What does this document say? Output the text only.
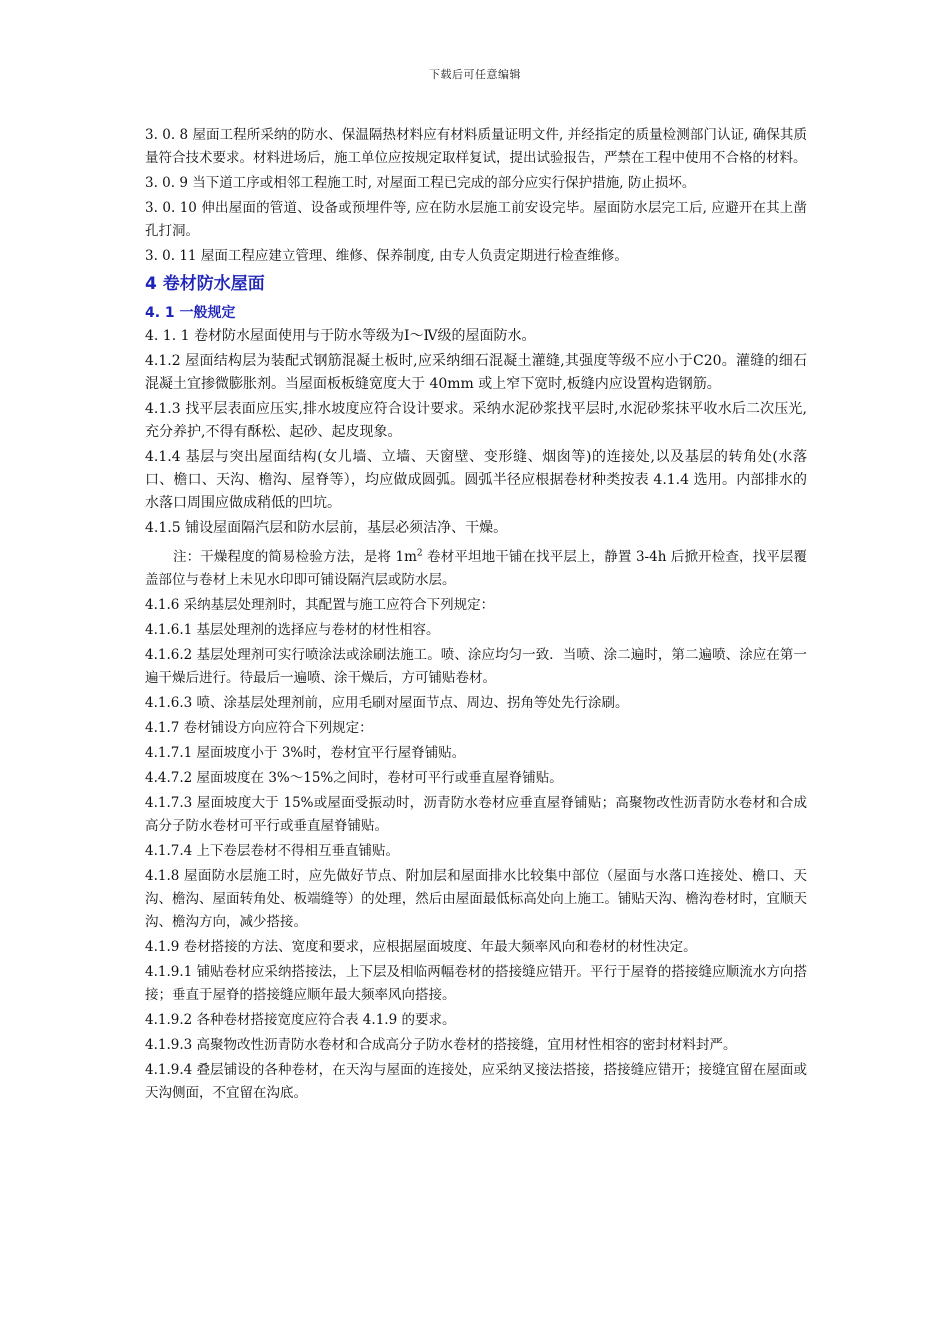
下载后可任意编辑

3. 0. 8 屋面工程所采纳的防水、保温隔热材料应有材料质量证明文件, 并经指定的质量检测部门认证, 确保其质量符合技术要求。材料进场后，施工单位应按规定取样复试，提出试验报告，严禁在工程中使用不合格的材料。

3. 0. 9 当下道工序或相邻工程施工时, 对屋面工程已完成的部分应实行保护措施, 防止损坏。

3. 0. 10 伸出屋面的管道、设备或预埋件等, 应在防水层施工前安设完毕。屋面防水层完工后, 应避开在其上凿孔打洞。

3. 0. 11 屋面工程应建立管理、维修、保养制度, 由专人负责定期进行检查维修。

4 卷材防水屋面
4. 1 一般规定

4. 1. 1 卷材防水屋面使用与于防水等级为Ⅰ～Ⅳ级的屋面防水。

4.1.2 屋面结构层为装配式钢筋混凝土板时,应采纳细石混凝土灌缝,其强度等级不应小于C20。灌缝的细石混凝土宜掺微膨胀剂。当屋面板板缝宽度大于 40mm 或上窄下宽时,板缝内应设置构造钢筋。

4.1.3 找平层表面应压实,排水坡度应符合设计要求。采纳水泥砂浆找平层时,水泥砂浆抹平收水后二次压光,充分养护,不得有酥松、起砂、起皮现象。

4.1.4 基层与突出屋面结构(女儿墙、立墙、天窗壁、变形缝、烟囱等)的连接处,以及基层的转角处(水落口、檐口、天沟、檐沟、屋脊等），均应做成圆弧。圆弧半径应根据卷材种类按表 4.1.4 选用。内部排水的水落口周围应做成稍低的凹坑。

4.1.5 铺设屋面隔汽层和防水层前，基层必须洁净、干燥。

注：干燥程度的简易检验方法，是将 $1m^2$ 卷材平坦地干铺在找平层上，静置 3-4h 后掀开检查，找平层覆盖部位与卷材上未见水印即可铺设隔汽层或防水层。

4.1.6 采纳基层处理剂时，其配置与施工应符合下列规定：

4.1.6.1 基层处理剂的选择应与卷材的材性相容。

4.1.6.2 基层处理剂可实行喷涂法或涂刷法施工。喷、涂应均匀一致．当喷、涂二遍时，第二遍喷、涂应在第一遍干燥后进行。待最后一遍喷、涂干燥后，方可铺贴卷材。

4.1.6.3 喷、涂基层处理剂前，应用毛刷对屋面节点、周边、拐角等处先行涂刷。

4.1.7 卷材铺设方向应符合下列规定：

4.1.7.1 屋面坡度小于 3%时，卷材宜平行屋脊铺贴。

4.4.7.2 屋面坡度在 3%～15%之间时，卷材可平行或垂直屋脊铺贴。

4.1.7.3 屋面坡度大于 15%或屋面受振动时，沥青防水卷材应垂直屋脊铺贴；高聚物改性沥青防水卷材和合成高分子防水卷材可平行或垂直屋脊铺贴。

4.1.7.4 上下卷层卷材不得相互垂直铺贴。

4.1.8 屋面防水层施工时，应先做好节点、附加层和屋面排水比较集中部位（屋面与水落口连接处、檐口、天沟、檐沟、屋面转角处、板端缝等）的处理，然后由屋面最低标高处向上施工。铺贴天沟、檐沟卷材时，宜顺天沟、檐沟方向，减少搭接。

4.1.9 卷材搭接的方法、宽度和要求，应根据屋面坡度、年最大频率风向和卷材的材性决定。

4.1.9.1 铺贴卷材应采纳搭接法，上下层及相临两幅卷材的搭接缝应错开。平行于屋脊的搭接缝应顺流水方向搭接；垂直于屋脊的搭接缝应顺年最大频率风向搭接。

4.1.9.2 各种卷材搭接宽度应符合表 4.1.9 的要求。

4.1.9.3 高聚物改性沥青防水卷材和合成高分子防水卷材的搭接缝，宜用材性相容的密封材料封严。

4.1.9.4 叠层铺设的各种卷材，在天沟与屋面的连接处，应采纳叉接法搭接，搭接缝应错开；接缝宜留在屋面或天沟侧面，不宜留在沟底。
